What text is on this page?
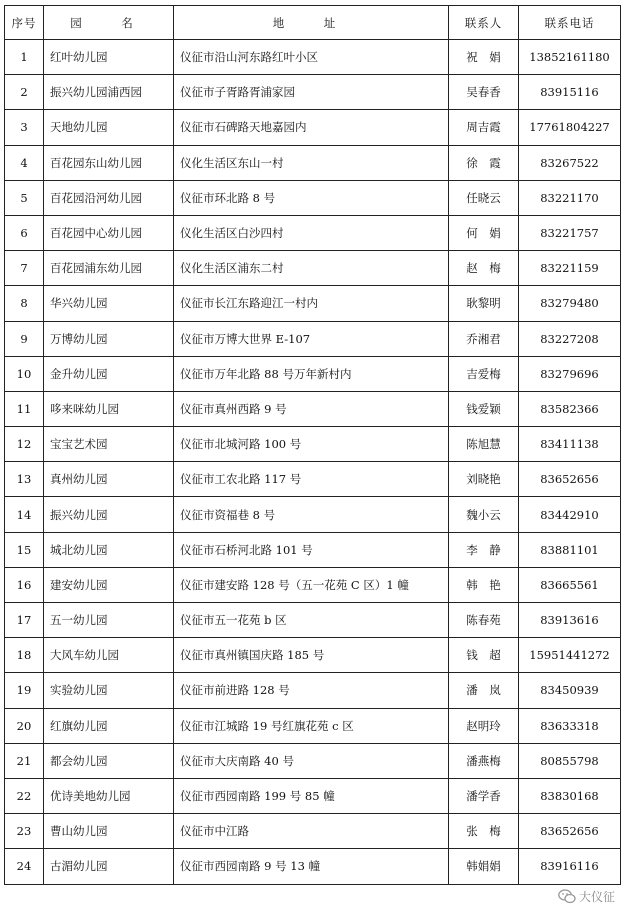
序号	园　名	地　址	联系人	联系电话
1	红叶幼儿园	仪征市沿山河东路红叶小区	祝　娟	13852161180
2	振兴幼儿园浦西园	仪征市子胥路胥浦家园	吴春香	83915116
3	天地幼儿园	仪征市石碑路天地嘉园内	周吉霞	17761804227
4	百花园东山幼儿园	仪化生活区东山一村	徐　霞	83267522
5	百花园沿河幼儿园	仪征市环北路 8 号	任晓云	83221170
6	百花园中心幼儿园	仪化生活区白沙四村	何　娟	83221757
7	百花园浦东幼儿园	仪化生活区浦东二村	赵　梅	83221159
8	华兴幼儿园	仪征市长江东路迎江一村内	耿黎明	83279480
9	万博幼儿园	仪征市万博大世界 E-107	乔湘君	83227208
10	金升幼儿园	仪征市万年北路 88 号万年新村内	吉爱梅	83279696
11	哆来咪幼儿园	仪征市真州西路 9 号	钱爱颖	83582366
12	宝宝艺术园	仪征市北城河路 100 号	陈旭慧	83411138
13	真州幼儿园	仪征市工农北路 117 号	刘晓艳	83652656
14	振兴幼儿园	仪征市资福巷 8 号	魏小云	83442910
15	城北幼儿园	仪征市石桥河北路 101 号	李　静	83881101
16	建安幼儿园	仪征市建安路 128 号（五一花苑 C 区）1 幢	韩　艳	83665561
17	五一幼儿园	仪征市五一花苑 b 区	陈春苑	83913616
18	大风车幼儿园	仪征市真州镇国庆路 185 号	钱　超	15951441272
19	实验幼儿园	仪征市前进路 128 号	潘　岚	83450939
20	红旗幼儿园	仪征市江城路 19 号红旗花苑 c 区	赵明玲	83633318
21	都会幼儿园	仪征市大庆南路 40 号	潘燕梅	80855798
22	优诗美地幼儿园	仪征市西园南路 199 号 85 幢	潘学香	83830168
23	曹山幼儿园	仪征市中江路	张　梅	83652656
24	古湄幼儿园	仪征市西园南路 9 号 13 幢	韩娟娟	83916116
大仪征
